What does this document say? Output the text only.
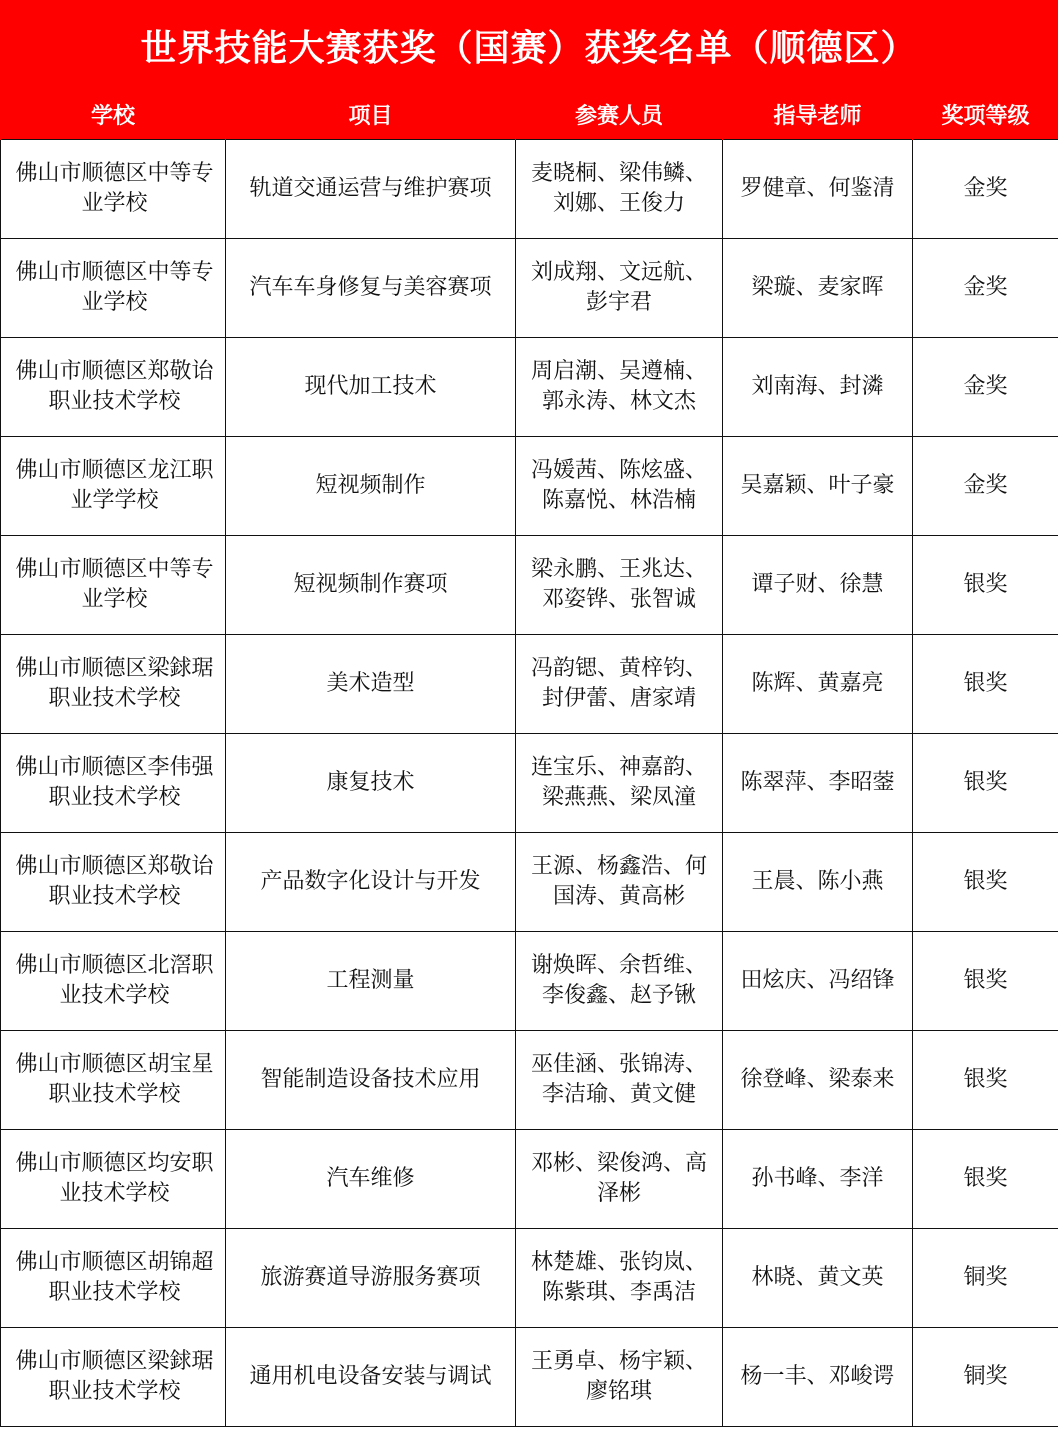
世界技能大赛获奖（国赛）获奖名单（顺德区）
学校	项目	参赛人员	指导老师	奖项等级
佛山市顺德区中等专业学校	轨道交通运营与维护赛项	麦晓桐、梁伟鳞、刘娜、王俊力	罗健章、何鉴清	金奖
佛山市顺德区中等专业学校	汽车车身修复与美容赛项	刘成翔、文远航、彭宇君	梁璇、麦家晖	金奖
佛山市顺德区郑敬诒职业技术学校	现代加工技术	周启潮、吴遵楠、郭永涛、林文杰	刘南海、封潾	金奖
佛山市顺德区龙江职业学学校	短视频制作	冯媛茜、陈炫盛、陈嘉悦、林浩楠	吴嘉颖、叶子豪	金奖
佛山市顺德区中等专业学校	短视频制作赛项	梁永鹏、王兆达、邓姿铧、张智诚	谭子财、徐慧	银奖
佛山市顺德区梁銶琚职业技术学校	美术造型	冯韵锶、黄梓钧、封伊蕾、唐家靖	陈辉、黄嘉亮	银奖
佛山市顺德区李伟强职业技术学校	康复技术	连宝乐、神嘉韵、梁燕燕、梁凤潼	陈翠萍、李昭蓥	银奖
佛山市顺德区郑敬诒职业技术学校	产品数字化设计与开发	王源、杨鑫浩、何国涛、黄高彬	王晨、陈小燕	银奖
佛山市顺德区北滘职业技术学校	工程测量	谢焕晖、余哲维、李俊鑫、赵予锹	田炫庆、冯绍锋	银奖
佛山市顺德区胡宝星职业技术学校	智能制造设备技术应用	巫佳涵、张锦涛、李洁瑜、黄文健	徐登峰、梁泰来	银奖
佛山市顺德区均安职业技术学校	汽车维修	邓彬、梁俊鸿、高泽彬	孙书峰、李洋	银奖
佛山市顺德区胡锦超职业技术学校	旅游赛道导游服务赛项	林楚雄、张钧岚、陈紫琪、李禹洁	林晓、黄文英	铜奖
佛山市顺德区梁銶琚职业技术学校	通用机电设备安装与调试	王勇卓、杨宇颖、廖铭琪	杨一丰、邓峻谔	铜奖
